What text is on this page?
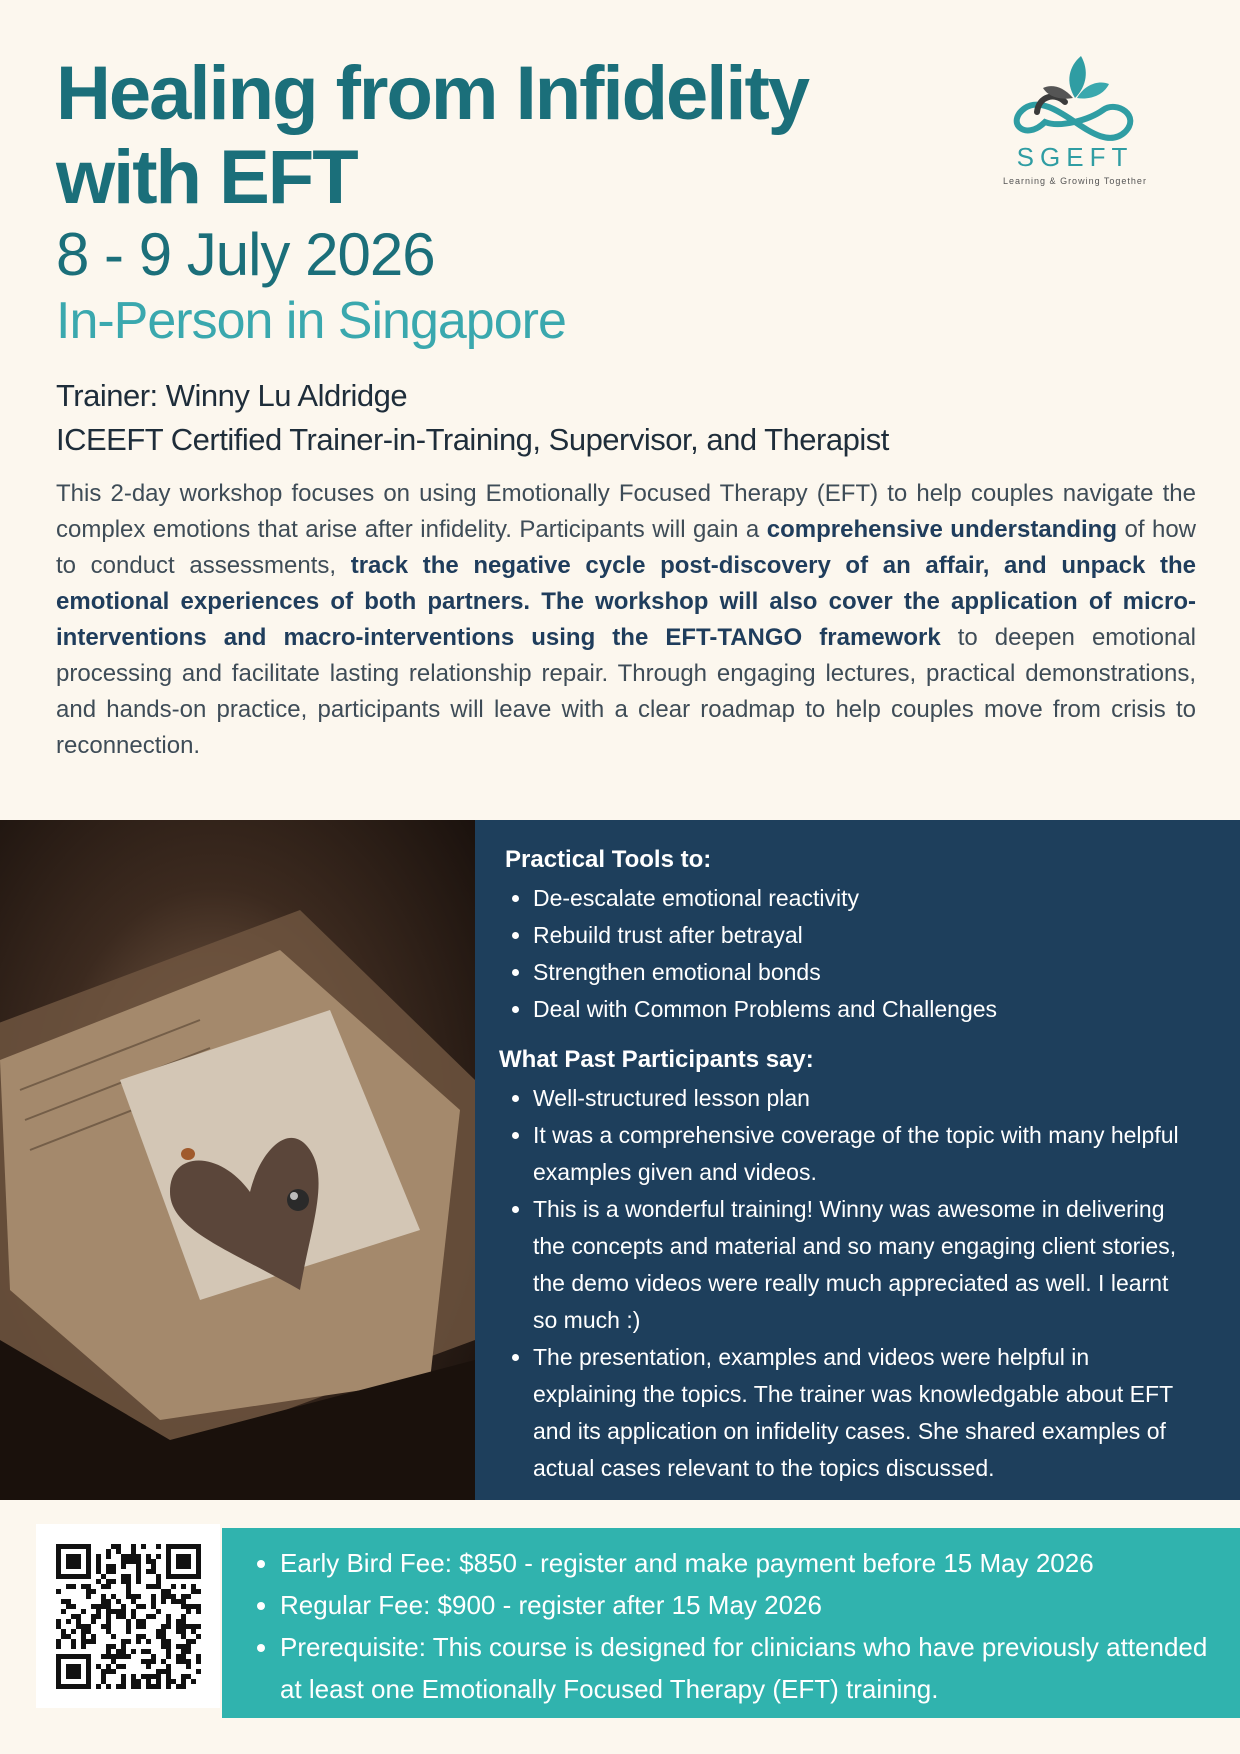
Healing from Infidelity with EFT

8 - 9 July 2026

In-Person in Singapore

Trainer: Winny Lu Aldridge
ICEEFT Certified Trainer-in-Training, Supervisor, and Therapist

SGEFT
Learning & Growing Together

This 2-day workshop focuses on using Emotionally Focused Therapy (EFT) to help couples navigate the complex emotions that arise after infidelity. Participants will gain a comprehensive understanding of how to conduct assessments, track the negative cycle post-discovery of an affair, and unpack the emotional experiences of both partners. The workshop will also cover the application of micro-interventions and macro-interventions using the EFT-TANGO framework to deepen emotional processing and facilitate lasting relationship repair. Through engaging lectures, practical demonstrations, and hands-on practice, participants will leave with a clear roadmap to help couples move from crisis to reconnection.

Practical Tools to:
• De-escalate emotional reactivity
• Rebuild trust after betrayal
• Strengthen emotional bonds
• Deal with Common Problems and Challenges
What Past Participants say:
• Well-structured lesson plan
• It was a comprehensive coverage of the topic with many helpful examples given and videos.
• This is a wonderful training! Winny was awesome in delivering the concepts and material and so many engaging client stories, the demo videos were really much appreciated as well. I learnt so much :)
• The presentation, examples and videos were helpful in explaining the topics. The trainer was knowledgable about EFT and its application on infidelity cases. She shared examples of actual cases relevant to the topics discussed.
• Early Bird Fee: $850 - register and make payment before 15 May 2026
• Regular Fee: $900 - register after 15 May 2026
• Prerequisite: This course is designed for clinicians who have previously attended at least one Emotionally Focused Therapy (EFT) training.
